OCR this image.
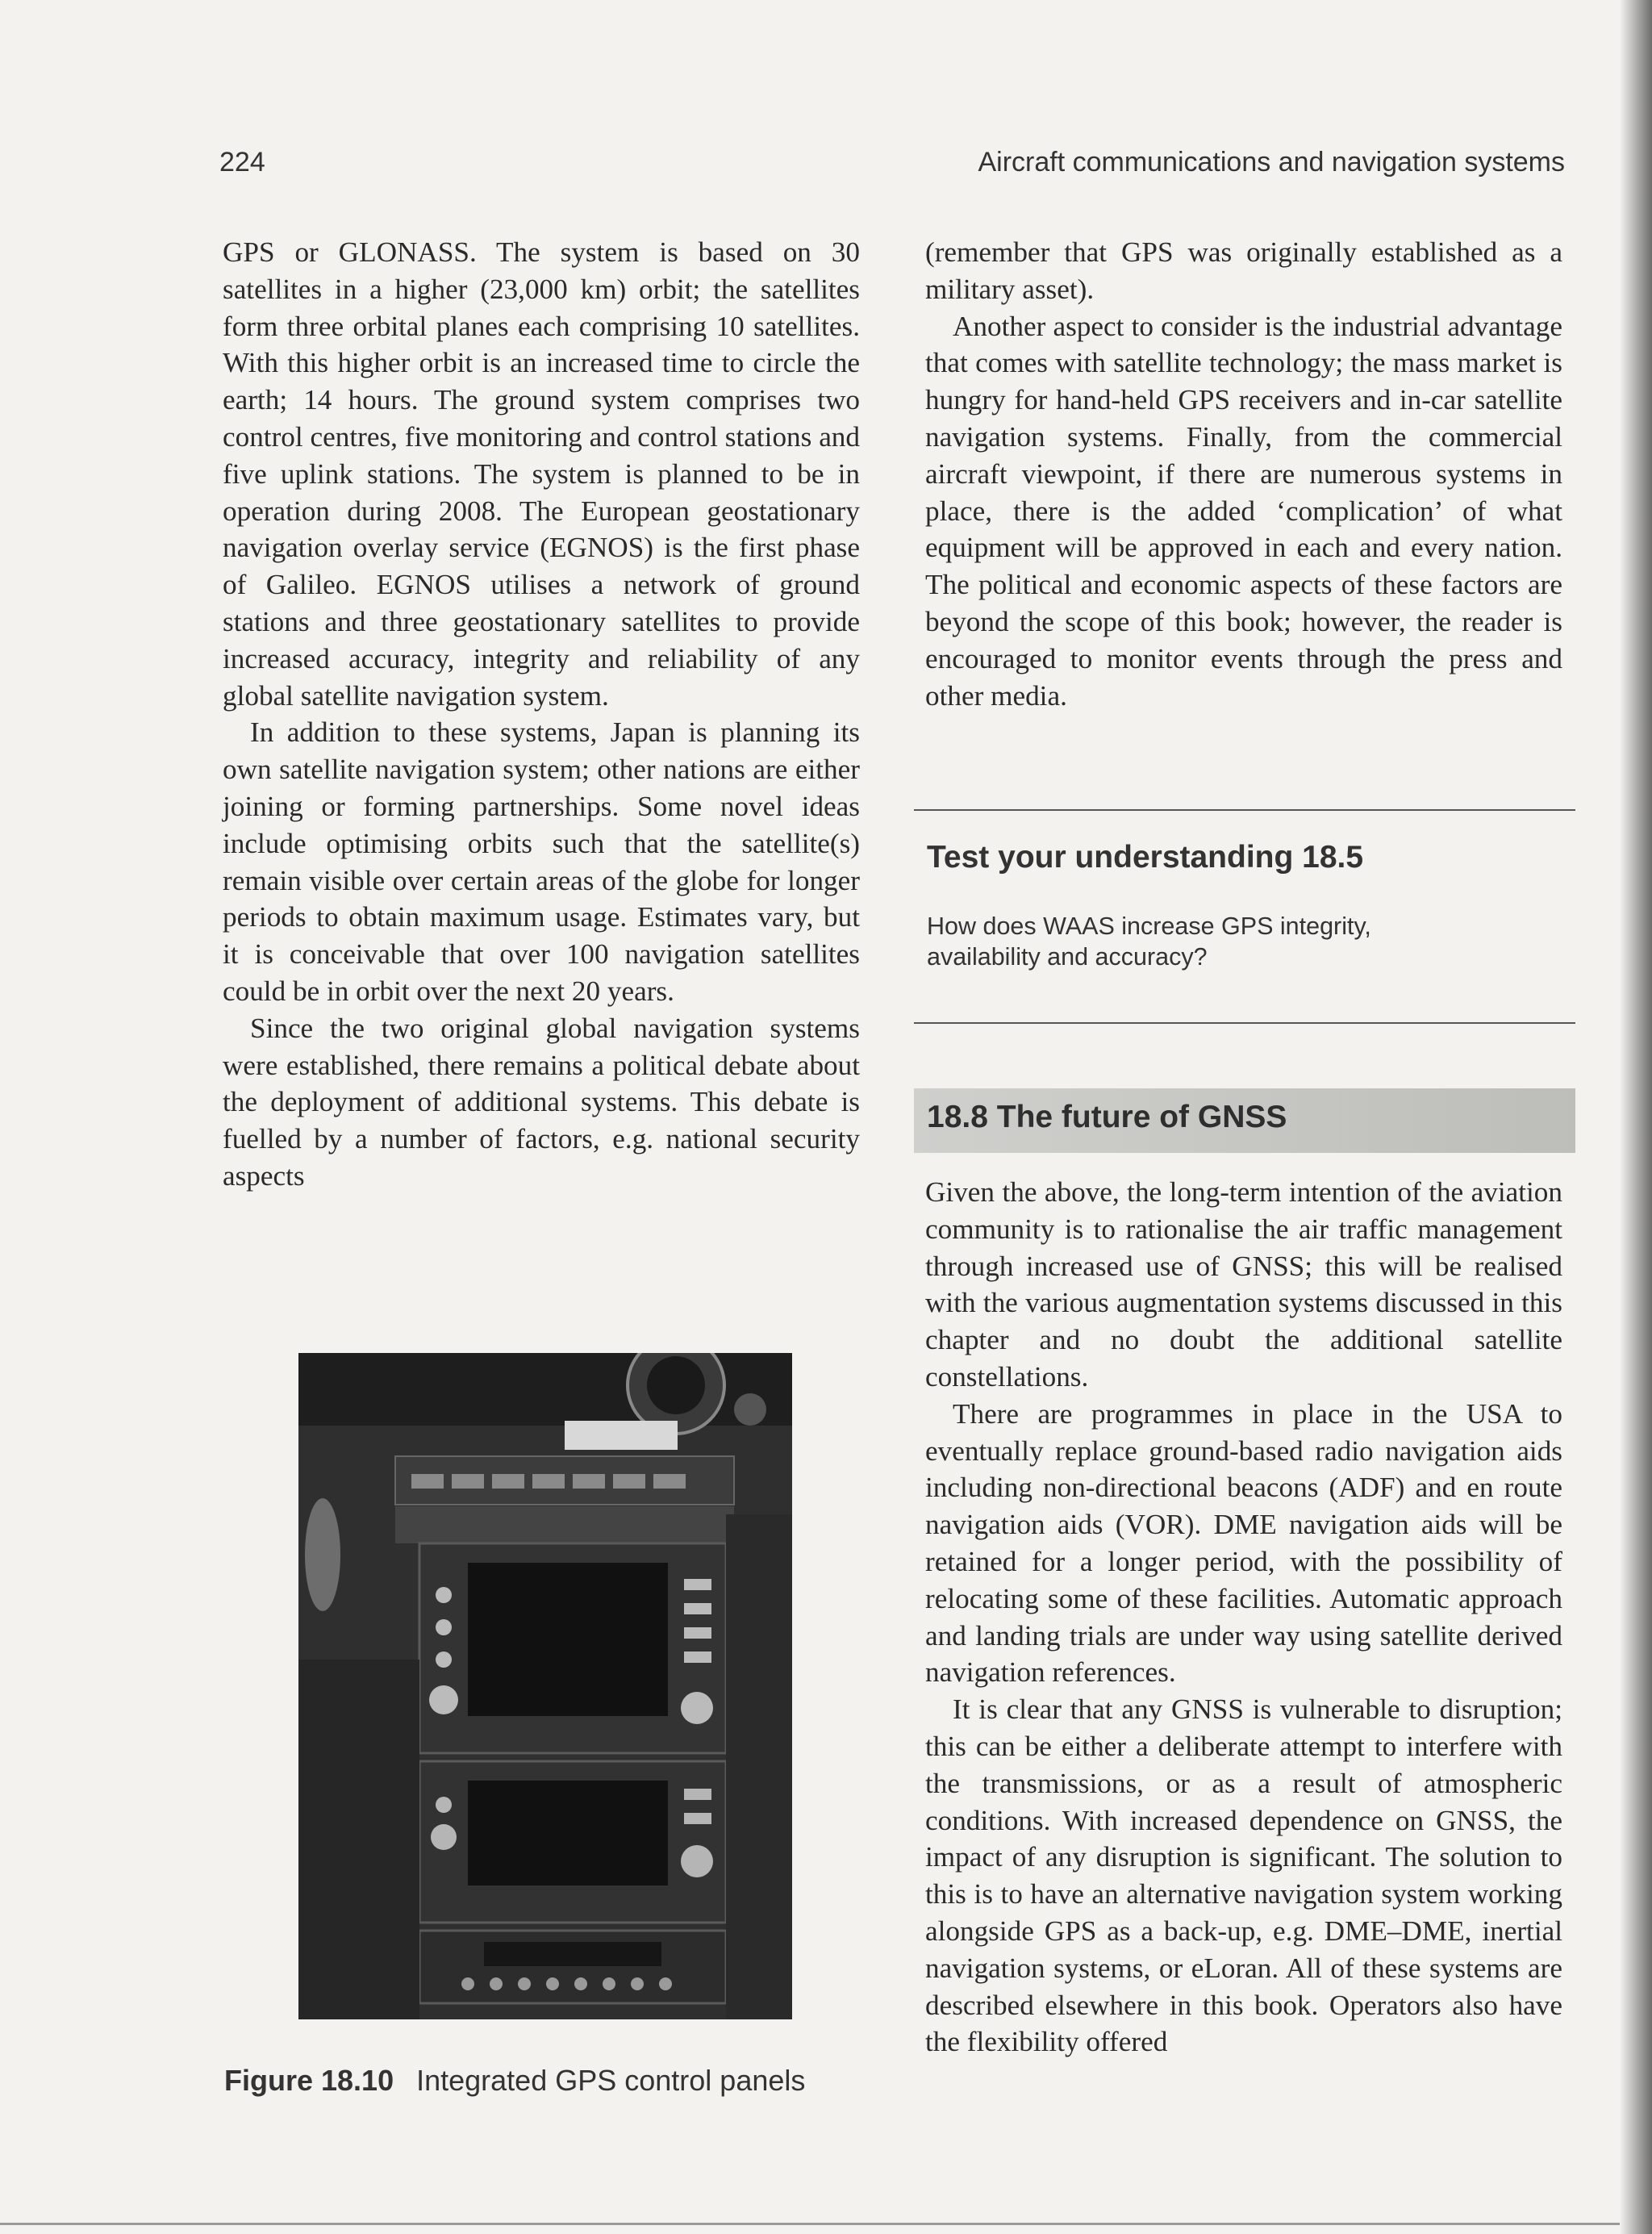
224	Aircraft communications and navigation systems

GPS or GLONASS. The system is based on 30 satellites in a higher (23,000 km) orbit; the satellites form three orbital planes each comprising 10 satellites. With this higher orbit is an increased time to circle the earth; 14 hours. The ground system comprises two control centres, five monitoring and control stations and five uplink stations. The system is planned to be in operation during 2008. The European geostationary navigation overlay service (EGNOS) is the first phase of Galileo. EGNOS utilises a network of ground stations and three geostationary satellites to provide increased accuracy, integrity and reliability of any global satellite navigation system.

In addition to these systems, Japan is planning its own satellite navigation system; other nations are either joining or forming partnerships. Some novel ideas include optimising orbits such that the satellite(s) remain visible over certain areas of the globe for longer periods to obtain maximum usage. Estimates vary, but it is conceivable that over 100 navigation satellites could be in orbit over the next 20 years.

Since the two original global navigation systems were established, there remains a political debate about the deployment of additional systems. This debate is fuelled by a number of factors, e.g. national security aspects

Figure 18.10 Integrated GPS control panels

(remember that GPS was originally established as a military asset).

Another aspect to consider is the industrial advantage that comes with satellite technology; the mass market is hungry for hand-held GPS receivers and in-car satellite navigation systems. Finally, from the commercial aircraft viewpoint, if there are numerous systems in place, there is the added ‘complication’ of what equipment will be approved in each and every nation. The political and economic aspects of these factors are beyond the scope of this book; however, the reader is encouraged to monitor events through the press and other media.

Test your understanding 18.5
How does WAAS increase GPS integrity, availability and accuracy?
18.8 The future of GNSS

Given the above, the long-term intention of the aviation community is to rationalise the air traffic management through increased use of GNSS; this will be realised with the various augmentation systems discussed in this chapter and no doubt the additional satellite constellations.

There are programmes in place in the USA to eventually replace ground-based radio navigation aids including non-directional beacons (ADF) and en route navigation aids (VOR). DME navigation aids will be retained for a longer period, with the possibility of relocating some of these facilities. Automatic approach and landing trials are under way using satellite derived navigation references.

It is clear that any GNSS is vulnerable to disruption; this can be either a deliberate attempt to interfere with the transmissions, or as a result of atmospheric conditions. With increased dependence on GNSS, the impact of any disruption is significant. The solution to this is to have an alternative navigation system working alongside GPS as a back-up, e.g. DME–DME, inertial navigation systems, or eLoran. All of these systems are described elsewhere in this book. Operators also have the flexibility offered
